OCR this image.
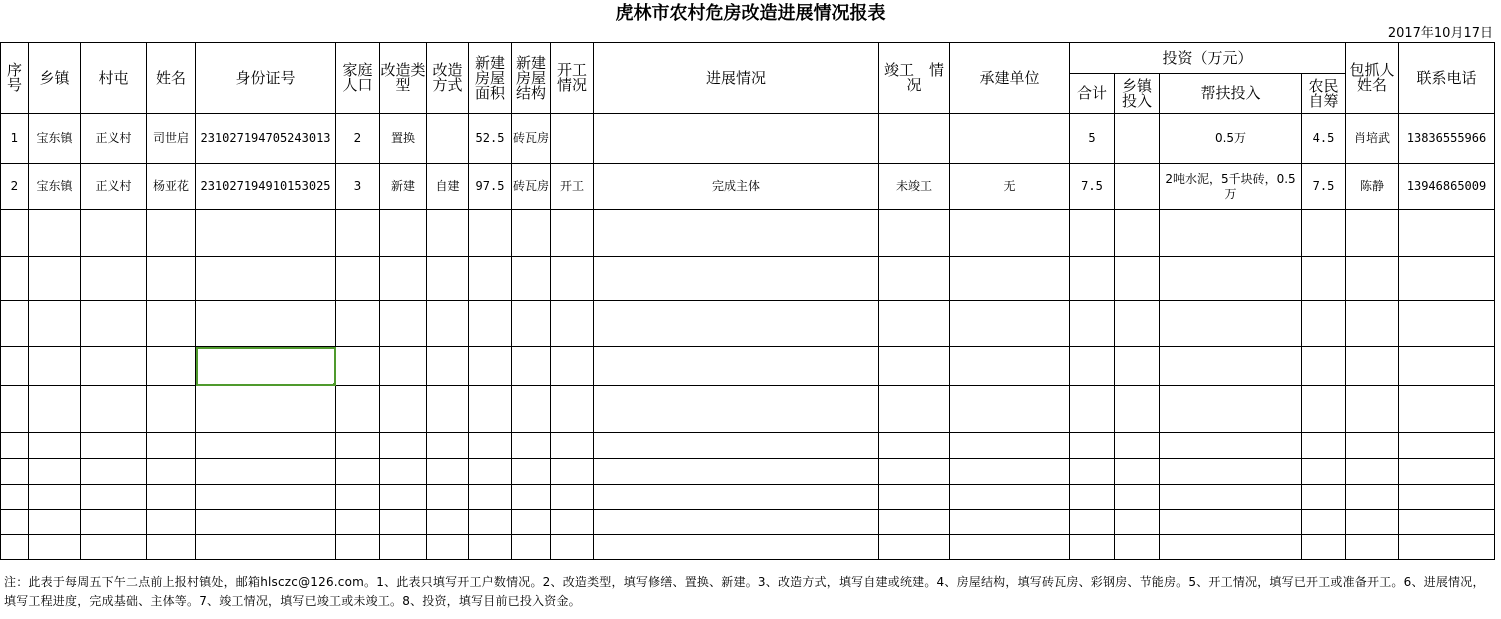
虎林市农村危房改造进展情况报表
2017年10月17日
序号	乡镇	村屯	姓名	身份证号	家庭人口	改造类型	改造方式	新建房屋面积	新建房屋结构	开工情况	进展情况	竣工　情况	承建单位	投资（万元）				包抓人姓名	联系电话
														合计	乡镇投入	帮扶投入	农民自筹		
1	宝东镇	正义村	司世启	231027194705243013	2	置换		52.5	砖瓦房					5		0.5万	4.5	肖培武	13836555966
2	宝东镇	正义村	杨亚花	231027194910153025	3	新建	自建	97.5	砖瓦房	开工	完成主体	未竣工	无	7.5		2吨水泥，5千块砖，0.5万	7.5	陈静	13946865009

注：此表于每周五下午二点前上报村镇处，邮箱hlsczc@126.com。1、此表只填写开工户数情况。2、改造类型，填写修缮、置换、新建。3、改造方式，填写自建或统建。4、房屋结构，填写砖瓦房、彩钢房、节能房。5、开工情况，填写已开工或准备开工。6、进展情况，填写工程进度，完成基础、主体等。7、竣工情况，填写已竣工或未竣工。8、投资，填写目前已投入资金。
